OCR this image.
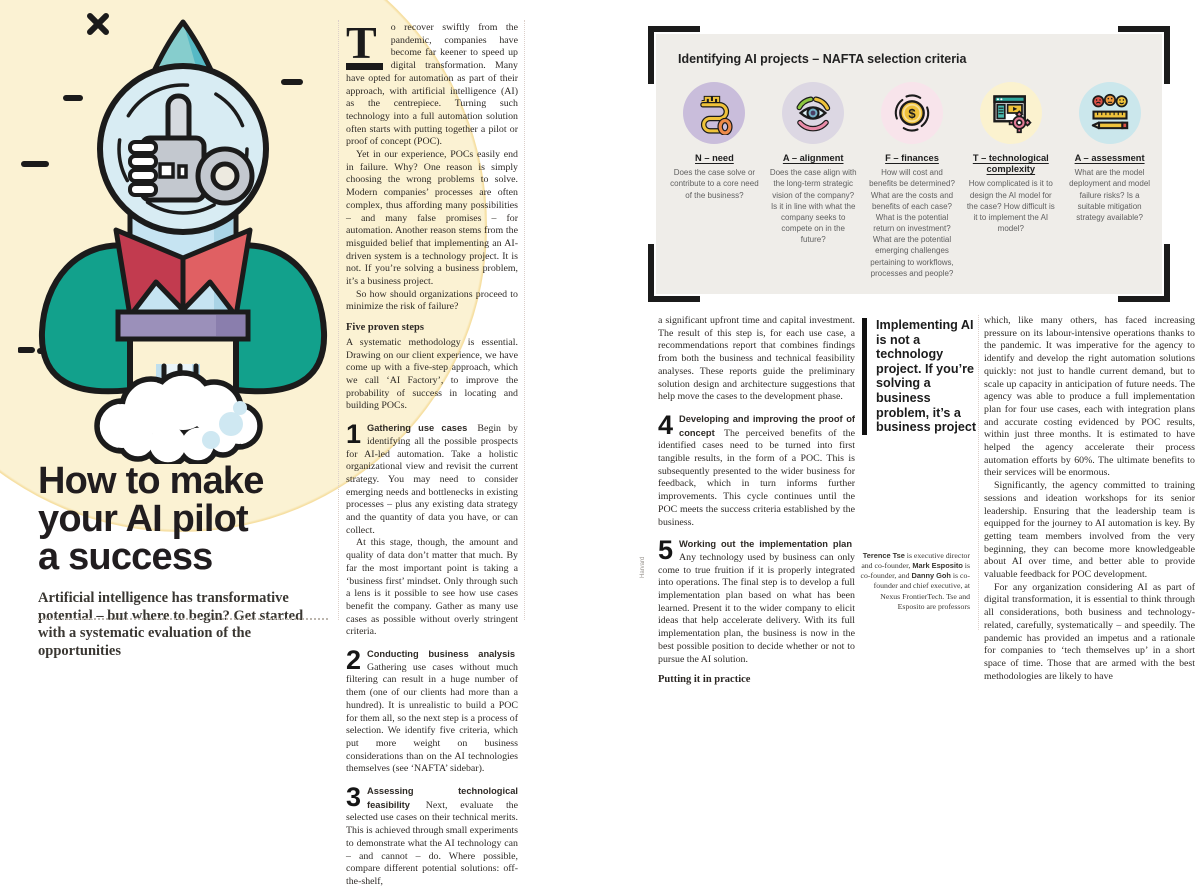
How to make
your AI pilot
a success

Artificial intelligence has transformative potential – but where to begin? Get started with a systematic evaluation of the opportunities

T	o recover swiftly from the pandemic, companies have become far keener to speed up digital transformation. Many have opted for automation as part of their approach, with artificial intelligence (AI) as the centrepiece. Turning such technology into a full automation solution often starts with putting together a pilot or proof of concept (POC).

Yet in our experience, POCs easily end in failure. Why? One reason is simply choosing the wrong problems to solve. Modern companies’ processes are often complex, thus affording many possibilities – and many false promises – for automation. Another reason stems from the misguided belief that implementing an AI-driven system is a technology project. It is not. If you’re solving a business problem, it’s a business project.

So how should organizations proceed to minimize the risk of failure?

Five proven steps

A systematic methodology is essential. Drawing on our client experience, we have come up with a five-step approach, which we call ‘AI Factory’, to improve the probability of success in locating and building POCs.

1 Gathering use cases Begin by identifying all the possible prospects for AI-led automation. Take a holistic organizational view and revisit the current strategy. You may need to consider emerging needs and bottlenecks in existing processes – plus any existing data strategy and the quantity of data you have, or can collect.

At this stage, though, the amount and quality of data don’t matter that much. By far the most important point is taking a ‘business first’ mindset. Only through such a lens is it possible to see how use cases benefit the company. Gather as many use cases as possible without overly stringent criteria.

2 Conducting business analysis Gathering use cases without much filtering can result in a huge number of them (one of our clients had more than a hundred). It is unrealistic to build a POC for them all, so the next step is a process of selection. We identify five criteria, which put more weight on business considerations than on the AI technologies themselves (see ‘NAFTA’ sidebar).

3 Assessing technological feasibility Next, evaluate the selected use cases on their technical merits. This is achieved through small experiments to demonstrate what the AI technology can – and cannot – do. Where possible, compare different potential solutions: off-the-shelf,

Identifying AI projects – NAFTA selection criteria

N – need

Does the case solve or contribute to a core need of the business?

A – alignment

Does the case align with the long-term strategic vision of the company? Is it in line with what the company seeks to compete on in the future?

$

F – finances

How will cost and benefits be determined? What are the costs and benefits of each case? What is the potential return on investment? What are the potential emerging challenges pertaining to workflows, processes and people?

T – technological complexity

How complicated is it to design the AI model for the case? How difficult is it to implement the AI model?

A – assessment

What are the model deployment and model failure risks? Is a suitable mitigation strategy available?

a significant upfront time and capital investment. The result of this step is, for each use case, a recommendations report that combines findings from both the business and technical feasibility analyses. These reports guide the preliminary solution design and architecture suggestions that help move the cases to the development phase.

4 Developing and improving the proof of concept The perceived benefits of the identified cases need to be turned into first tangible results, in the form of a POC. This is subsequently presented to the wider business for feedback, which in turn informs further improvements. This cycle continues until the POC meets the success criteria established by the business.

5 Working out the implementation plan Any technology used by business can only come to true fruition if it is properly integrated into operations. The final step is to develop a full implementation plan based on what has been learned. Present it to the wider company to elicit ideas that help accelerate delivery. With its full implementation plan, the business is now in the best possible position to decide whether or not to pursue the AI solution.

Putting it in practice

Implementing AI is not a technology project. If you’re solving a business problem, it’s a business project
Terence Tse is executive director and co-founder, Mark Esposito is co-founder, and Danny Goh is co-founder and chief executive, at Nexus FrontierTech. Tse and Esposito are professors

which, like many others, has faced increasing pressure on its labour-intensive operations thanks to the pandemic. It was imperative for the agency to identify and develop the right automation solutions quickly: not just to handle current demand, but to scale up capacity in anticipation of future needs. The agency was able to produce a full implementation plan for four use cases, each with integration plans and accurate costing evidenced by POC results, within just three months. It is estimated to have helped the agency accelerate their process automation efforts by 60%. The ultimate benefits to their services will be enormous.

Significantly, the agency committed to training sessions and ideation workshops for its senior leadership. Ensuring that the leadership team is equipped for the journey to AI automation is key. By getting team members involved from the very beginning, they can become more knowledgeable about AI over time, and better able to provide valuable feedback for POC development.

For any organization considering AI as part of digital transformation, it is essential to think through all considerations, both business and technology-related, carefully, systematically – and speedily. The pandemic has provided an impetus and a rationale for companies to ‘tech themselves up’ in a short space of time. Those that are armed with the best methodologies are likely to have

Harvard
